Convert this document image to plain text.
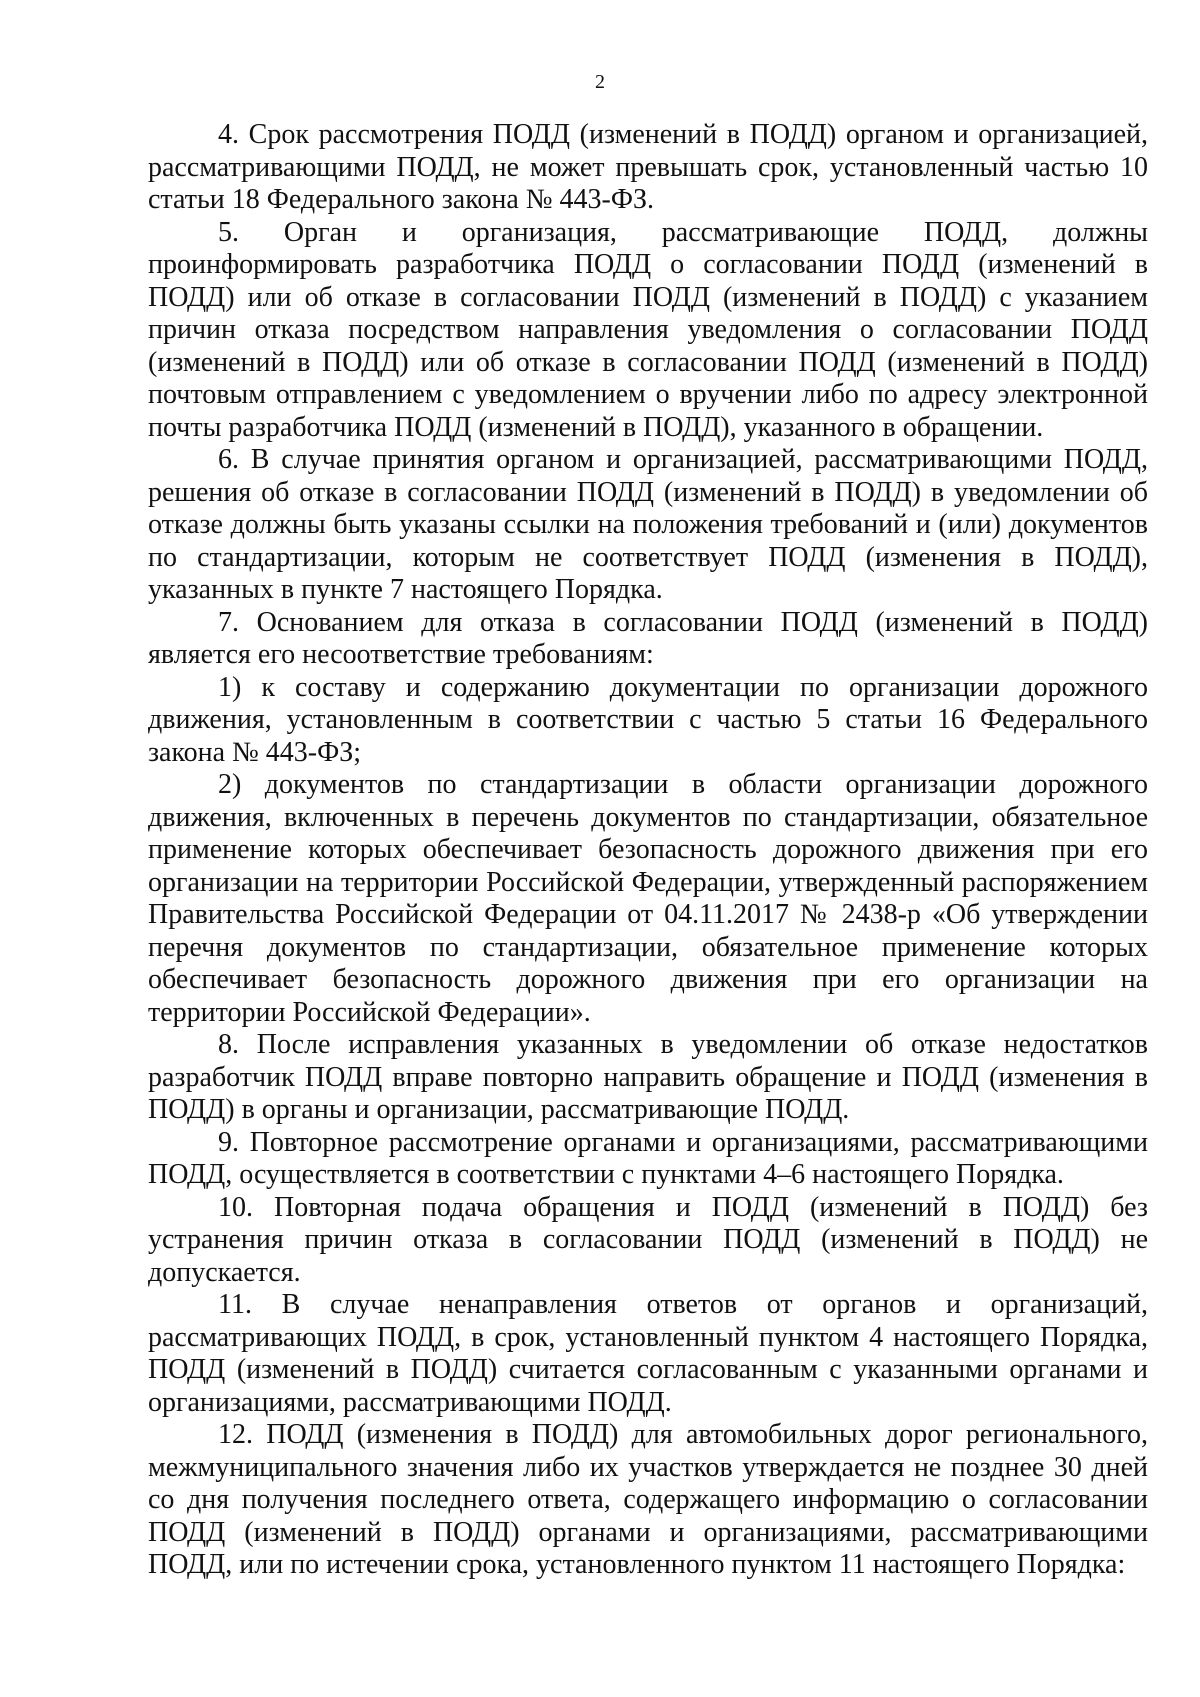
2

4. Срок рассмотрения ПОДД (изменений в ПОДД) органом и организацией, рассматривающими ПОДД, не может превышать срок, установленный частью 10 статьи 18 Федерального закона № 443-ФЗ.

5. Орган и организация, рассматривающие ПОДД, должны проинформировать разработчика ПОДД о согласовании ПОДД (изменений в ПОДД) или об отказе в согласовании ПОДД (изменений в ПОДД) с указанием причин отказа посредством направления уведомления о согласовании ПОДД (изменений в ПОДД) или об отказе в согласовании ПОДД (изменений в ПОДД) почтовым отправлением с уведомлением о вручении либо по адресу электронной почты разработчика ПОДД (изменений в ПОДД), указанного в обращении.

6. В случае принятия органом и организацией, рассматривающими ПОДД, решения об отказе в согласовании ПОДД (изменений в ПОДД) в уведомлении об отказе должны быть указаны ссылки на положения требований и (или) документов по стандартизации, которым не соответствует ПОДД (изменения в ПОДД), указанных в пункте 7 настоящего Порядка.

7. Основанием для отказа в согласовании ПОДД (изменений в ПОДД) является его несоответствие требованиям:

1) к составу и содержанию документации по организации дорожного движения, установленным в соответствии с частью 5 статьи 16 Федерального закона № 443-ФЗ;

2) документов по стандартизации в области организации дорожного движения, включенных в перечень документов по стандартизации, обязательное применение которых обеспечивает безопасность дорожного движения при его организации на территории Российской Федерации, утвержденный распоряжением Правительства Российской Федерации от 04.11.2017 № 2438-р «Об утверждении перечня документов по стандартизации, обязательное применение которых обеспечивает безопасность дорожного движения при его организации на территории Российской Федерации».

8. После исправления указанных в уведомлении об отказе недостатков разработчик ПОДД вправе повторно направить обращение и ПОДД (изменения в ПОДД) в органы и организации, рассматривающие ПОДД.

9. Повторное рассмотрение органами и организациями, рассматривающими ПОДД, осуществляется в соответствии с пунктами 4–6 настоящего Порядка.

10. Повторная подача обращения и ПОДД (изменений в ПОДД) без устранения причин отказа в согласовании ПОДД (изменений в ПОДД) не допускается.

11. В случае ненаправления ответов от органов и организаций, рассматривающих ПОДД, в срок, установленный пунктом 4 настоящего Порядка, ПОДД (изменений в ПОДД) считается согласованным с указанными органами и организациями, рассматривающими ПОДД.

12. ПОДД (изменения в ПОДД) для автомобильных дорог регионального, межмуниципального значения либо их участков утверждается не позднее 30 дней со дня получения последнего ответа, содержащего информацию о согласовании ПОДД (изменений в ПОДД) органами и организациями, рассматривающими ПОДД, или по истечении срока, установленного пунктом 11 настоящего Порядка:
